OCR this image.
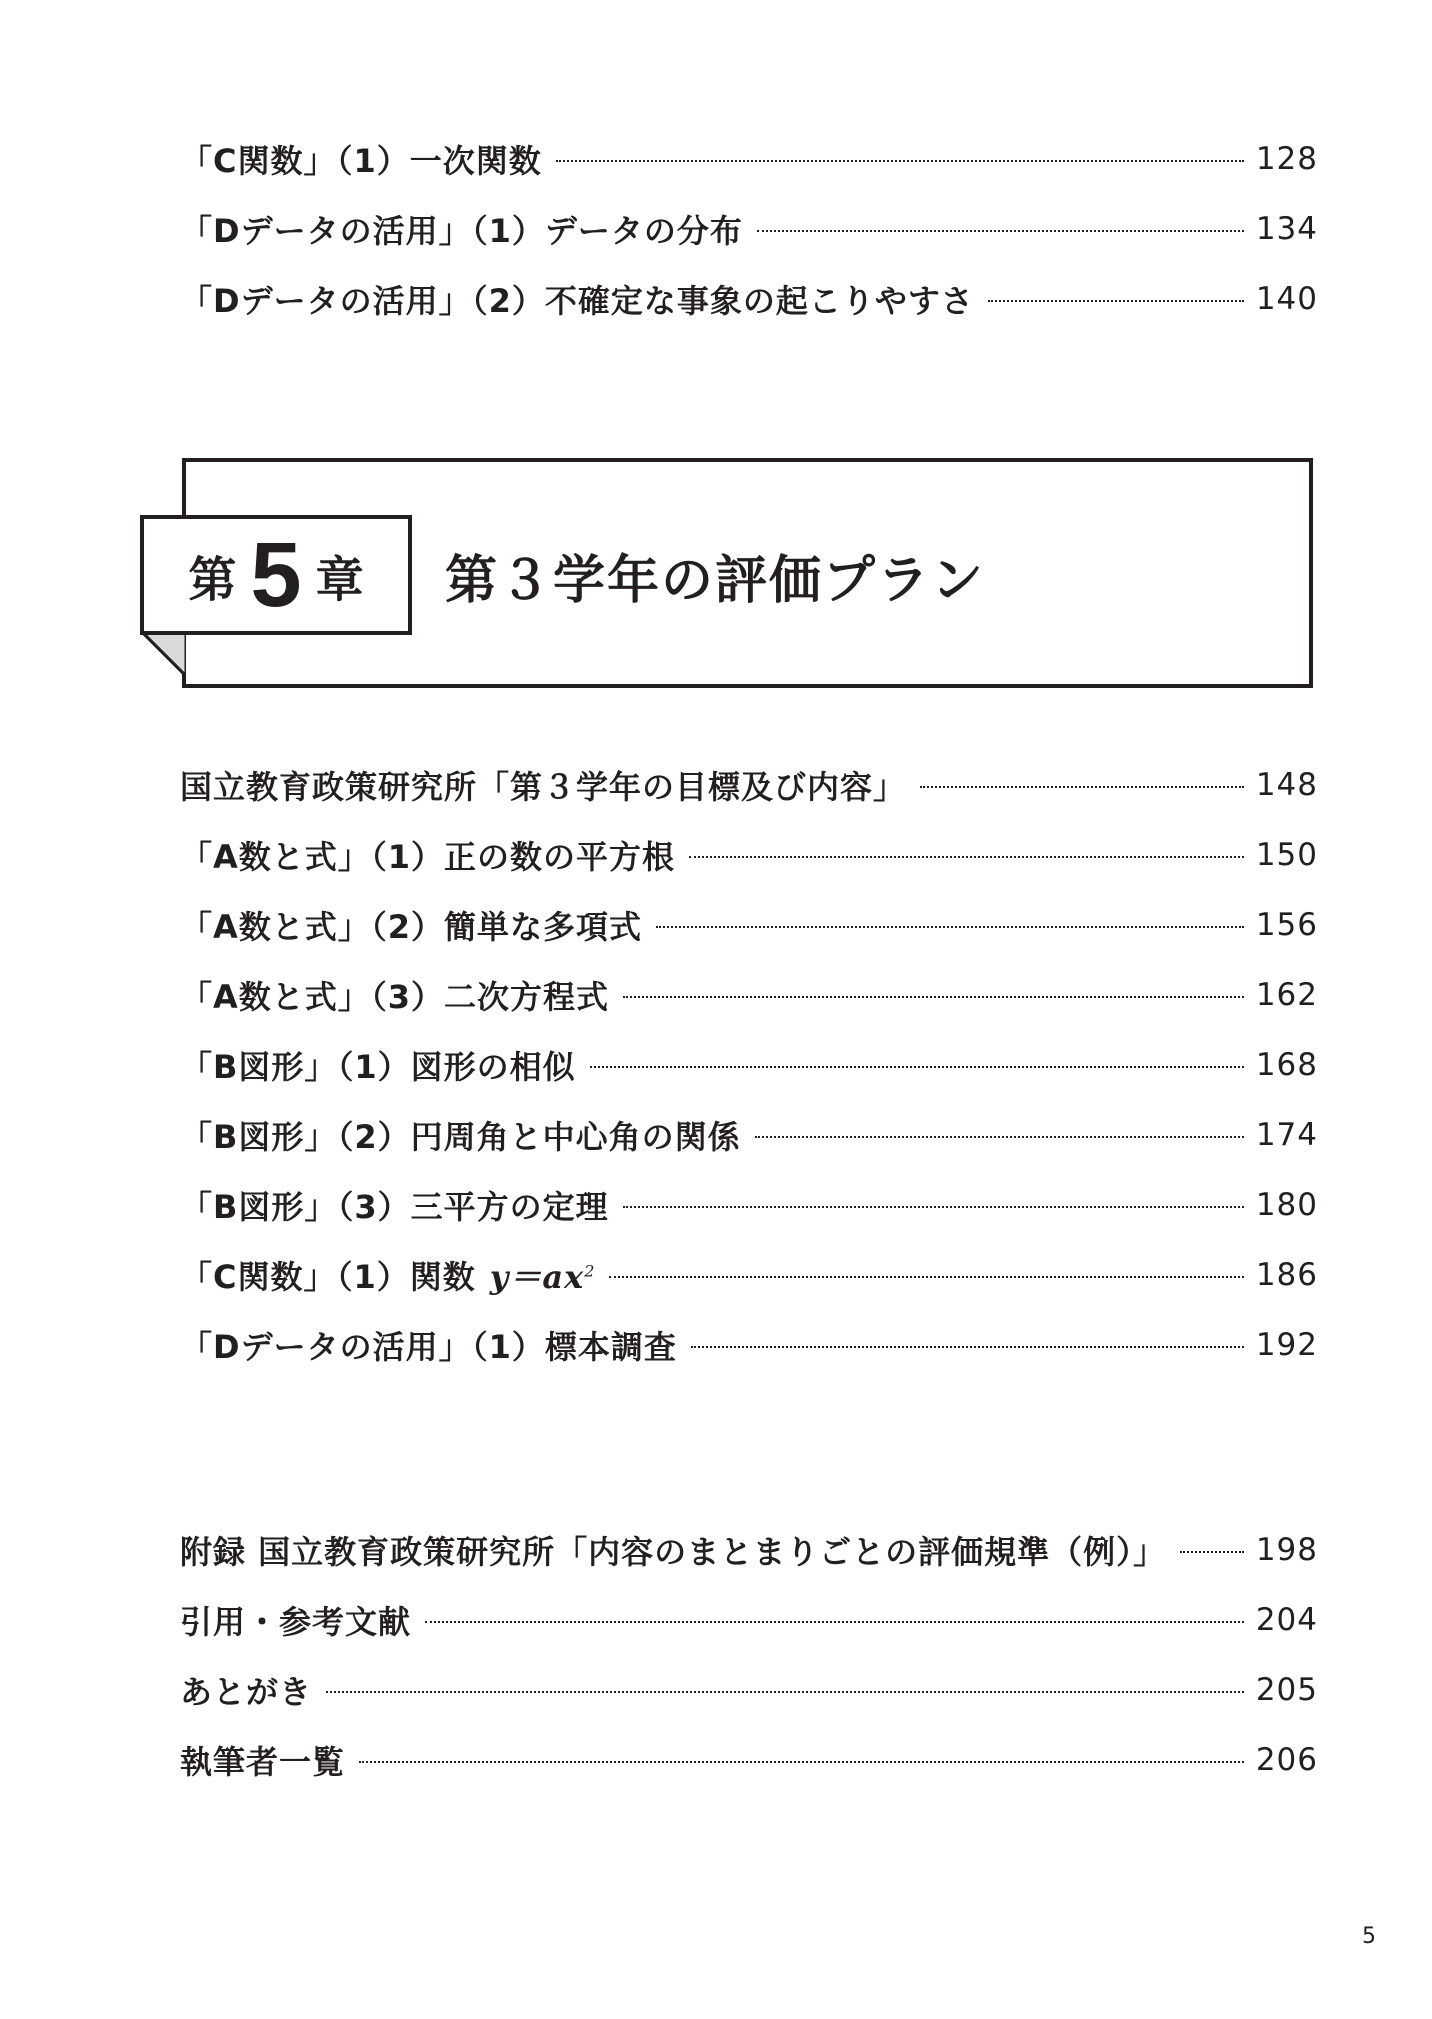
「C関数」（1）一次関数	128
「Dデータの活用」（1）データの分布	134
「Dデータの活用」（2）不確定な事象の起こりやすさ	140
第 5 章 第３学年の評価プラン
国立教育政策研究所「第３学年の目標及び内容」	148
「A数と式」（1）正の数の平方根	150
「A数と式」（2）簡単な多項式	156
「A数と式」（3）二次方程式	162
「B図形」（1）図形の相似	168
「B図形」（2）円周角と中心角の関係	174
「B図形」（3）三平方の定理	180
「C関数」（1）関数 $y=ax^2$	186
「Dデータの活用」（1）標本調査	192
附録 国立教育政策研究所「内容のまとまりごとの評価規準（例）」	198
引用・参考文献	204
あとがき	205
執筆者一覧	206
5
